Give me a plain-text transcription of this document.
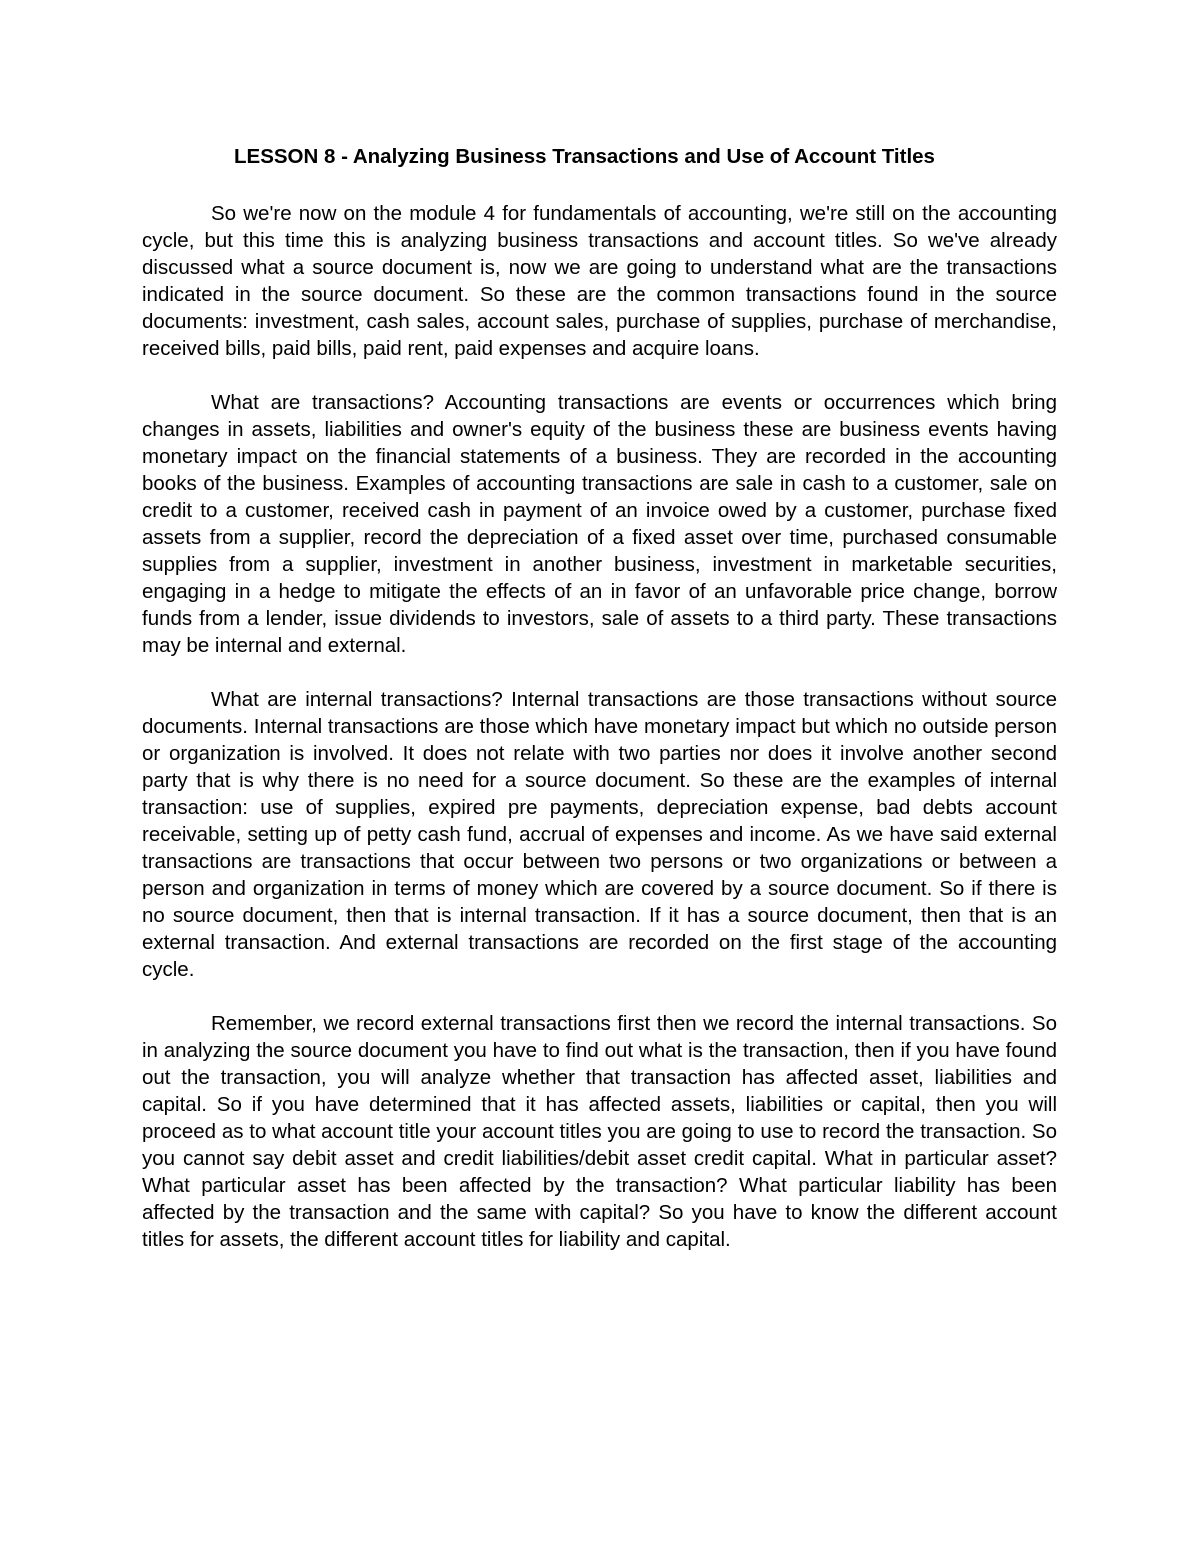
LESSON 8 - Analyzing Business Transactions and Use of Account Titles

So we're now on the module 4 for fundamentals of accounting, we're still on the accounting cycle, but this time this is analyzing business transactions and account titles. So we've already discussed what a source document is, now we are going to understand what are the transactions indicated in the source document. So these are the common transactions found in the source documents: investment, cash sales, account sales, purchase of supplies, purchase of merchandise, received bills, paid bills, paid rent, paid expenses and acquire loans.

What are transactions? Accounting transactions are events or occurrences which bring changes in assets, liabilities and owner's equity of the business these are business events having monetary impact on the financial statements of a business. They are recorded in the accounting books of the business. Examples of accounting transactions are sale in cash to a customer, sale on credit to a customer, received cash in payment of an invoice owed by a customer, purchase fixed assets from a supplier, record the depreciation of a fixed asset over time, purchased consumable supplies from a supplier, investment in another business, investment in marketable securities, engaging in a hedge to mitigate the effects of an in favor of an unfavorable price change, borrow funds from a lender, issue dividends to investors, sale of assets to a third party. These transactions may be internal and external.

What are internal transactions? Internal transactions are those transactions without source documents. Internal transactions are those which have monetary impact but which no outside person or organization is involved. It does not relate with two parties nor does it involve another second party that is why there is no need for a source document. So these are the examples of internal transaction: use of supplies, expired pre payments, depreciation expense, bad debts account receivable, setting up of petty cash fund, accrual of expenses and income. As we have said external transactions are transactions that occur between two persons or two organizations or between a person and organization in terms of money which are covered by a source document. So if there is no source document, then that is internal transaction. If it has a source document, then that is an external transaction. And external transactions are recorded on the first stage of the accounting cycle.

Remember, we record external transactions first then we record the internal transactions. So in analyzing the source document you have to find out what is the transaction, then if you have found out the transaction, you will analyze whether that transaction has affected asset, liabilities and capital. So if you have determined that it has affected assets, liabilities or capital, then you will proceed as to what account title your account titles you are going to use to record the transaction. So you cannot say debit asset and credit liabilities/debit asset credit capital. What in particular asset? What particular asset has been affected by the transaction? What particular liability has been affected by the transaction and the same with capital? So you have to know the different account titles for assets, the different account titles for liability and capital.
